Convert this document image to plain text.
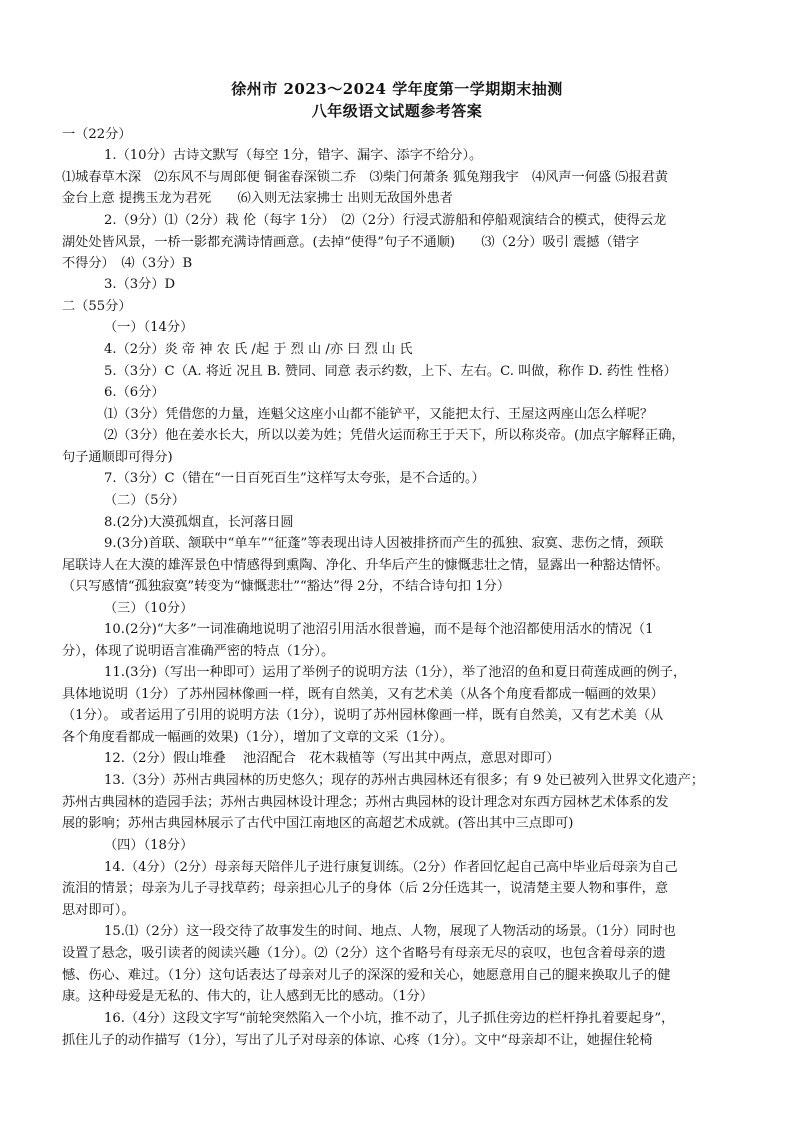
徐州市 2023～2024 学年度第一学期期末抽测
八年级语文试题参考答案
一（22分）
1.（10分）古诗文默写（每空 1分，错字、漏字、添字不给分）。
⑴城春草木深　⑵东风不与周郎便 铜雀春深锁二乔　⑶柴门何萧条 狐兔翔我宇　⑷风声一何盛 ⑸报君黄
金台上意 提携玉龙为君死　　⑹入则无法家拂士 出则无敌国外患者
2.（9分）⑴（2分）栽 伦（每字 1分）　⑵（2分）行浸式游船和停船观演结合的模式，使得云龙
湖处处皆风景，一桥一影都充满诗情画意。(去掉“使得”句子不通顺)　　⑶（2分）吸引 震撼（错字
不得分）　⑷（3分）B
3.（3分）D
二（55分）
（一）（14分）
4.（2分）炎 帝 神 农 氏 /起 于 烈 山 /亦 曰 烈 山 氏
5.（3分）C（A. 将近 况且 B. 赞同、同意 表示约数，上下、左右。C. 叫做，称作 D. 药性 性格）
6.（6分）
⑴（3分）凭借您的力量，连魁父这座小山都不能铲平，又能把太行、王屋这两座山怎么样呢？
⑵（3分）他在姜水长大，所以以姜为姓；凭借火运而称王于天下，所以称炎帝。(加点字解释正确，
句子通顺即可得分)
7.（3分）C（错在“一日百死百生”这样写太夸张，是不合适的。）
（二）（5分）
8.(2分)大漠孤烟直，长河落日圆
9.(3分)首联、颔联中“单车”“征蓬”等表现出诗人因被排挤而产生的孤独、寂寞、悲伤之情，颈联
尾联诗人在大漠的雄浑景色中情感得到熏陶、净化、升华后产生的慷慨悲壮之情，显露出一种豁达情怀。
（只写感情“孤独寂寞”转变为“慷慨悲壮”“豁达”得 2分，不结合诗句扣 1分）
（三）（10分）
10.(2分)“大多”一词准确地说明了池沼引用活水很普遍，而不是每个池沼都使用活水的情况（1
分），体现了说明语言准确严密的特点（1分）。
11.(3分)（写出一种即可）运用了举例子的说明方法（1分），举了池沼的鱼和夏日荷莲成画的例子，
具体地说明（1分）了苏州园林像画一样，既有自然美，又有艺术美（从各个角度看都成一幅画的效果）
（1分）。 或者运用了引用的说明方法（1分），说明了苏州园林像画一样，既有自然美，又有艺术美（从
各个角度看都成一幅画的效果)（1分），增加了文章的文采（1分）。
12.（2分）假山堆叠　 池沼配合　花木栽植等（写出其中两点，意思对即可）
13.（3分）苏州古典园林的历史悠久；现存的苏州古典园林还有很多；有 9 处已被列入世界文化遗产；
苏州古典园林的造园手法；苏州古典园林设计理念；苏州古典园林的设计理念对东西方园林艺术体系的发
展的影响；苏州古典园林展示了古代中国江南地区的高超艺术成就。(答出其中三点即可)
（四）（18分）
14.（4分）（2分）母亲每天陪伴儿子进行康复训练。（2分）作者回忆起自己高中毕业后母亲为自己
流泪的情景；母亲为儿子寻找草药；母亲担心儿子的身体（后 2分任选其一，说清楚主要人物和事件，意
思对即可）。
15.⑴（2分）这一段交待了故事发生的时间、地点、人物，展现了人物活动的场景。（1分）同时也
设置了悬念，吸引读者的阅读兴趣（1分）。⑵（2分）这个省略号有母亲无尽的哀叹，也包含着母亲的遗
憾、伤心、难过。（1分）这句话表达了母亲对儿子的深深的爱和关心，她愿意用自己的腿来换取儿子的健
康。这种母爱是无私的、伟大的，让人感到无比的感动。（1分）
16.（4分）这段文字写“前轮突然陷入一个小坑，推不动了，儿子抓住旁边的栏杆挣扎着要起身”，
抓住儿子的动作描写（1分），写出了儿子对母亲的体谅、心疼（1分）。文中“母亲却不让，她握住轮椅
